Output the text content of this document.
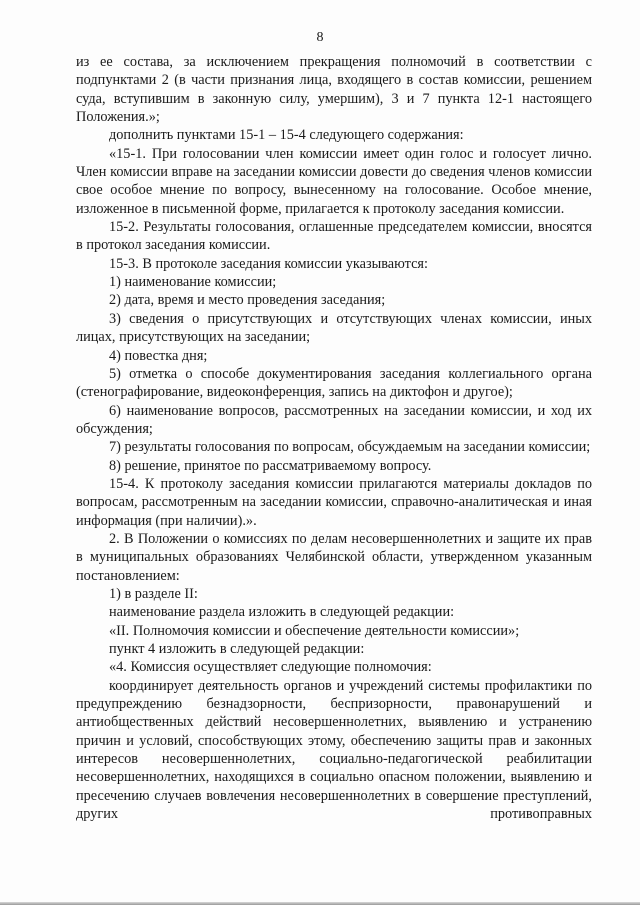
8

из ее состава, за исключением прекращения полномочий в соответствии с подпунктами 2 (в части признания лица, входящего в состав комиссии, решением суда, вступившим в законную силу, умершим), 3 и 7 пункта 12-1 настоящего Положения.»;

дополнить пунктами 15-1 – 15-4 следующего содержания:

«15-1. При голосовании член комиссии имеет один голос и голосует лично. Член комиссии вправе на заседании комиссии довести до сведения членов комиссии свое особое мнение по вопросу, вынесенному на голосование. Особое мнение, изложенное в письменной форме, прилагается к протоколу заседания комиссии.

15-2. Результаты голосования, оглашенные председателем комиссии, вносятся в протокол заседания комиссии.

15-3. В протоколе заседания комиссии указываются:

1) наименование комиссии;

2) дата, время и место проведения заседания;

3) сведения о присутствующих и отсутствующих членах комиссии, иных лицах, присутствующих на заседании;

4) повестка дня;

5) отметка о способе документирования заседания коллегиального органа (стенографирование, видеоконференция, запись на диктофон и другое);

6) наименование вопросов, рассмотренных на заседании комиссии, и ход их обсуждения;

7) результаты голосования по вопросам, обсуждаемым на заседании комиссии;

8) решение, принятое по рассматриваемому вопросу.

15-4. К протоколу заседания комиссии прилагаются материалы докладов по вопросам, рассмотренным на заседании комиссии, справочно-аналитическая и иная информация (при наличии).».

2. В Положении о комиссиях по делам несовершеннолетних и защите их прав в муниципальных образованиях Челябинской области, утвержденном указанным постановлением:

1) в разделе II:

наименование раздела изложить в следующей редакции:

«II. Полномочия комиссии и обеспечение деятельности комиссии»;

пункт 4 изложить в следующей редакции:

«4. Комиссия осуществляет следующие полномочия:

координирует деятельность органов и учреждений системы профилактики по предупреждению безнадзорности, беспризорности, правонарушений и антиобщественных действий несовершеннолетних, выявлению и устранению причин и условий, способствующих этому, обеспечению защиты прав и законных интересов несовершеннолетних, социально-педагогической реабилитации несовершеннолетних, находящихся в социально опасном положении, выявлению и пресечению случаев вовлечения несовершеннолетних в совершение преступлений, других противоправных
